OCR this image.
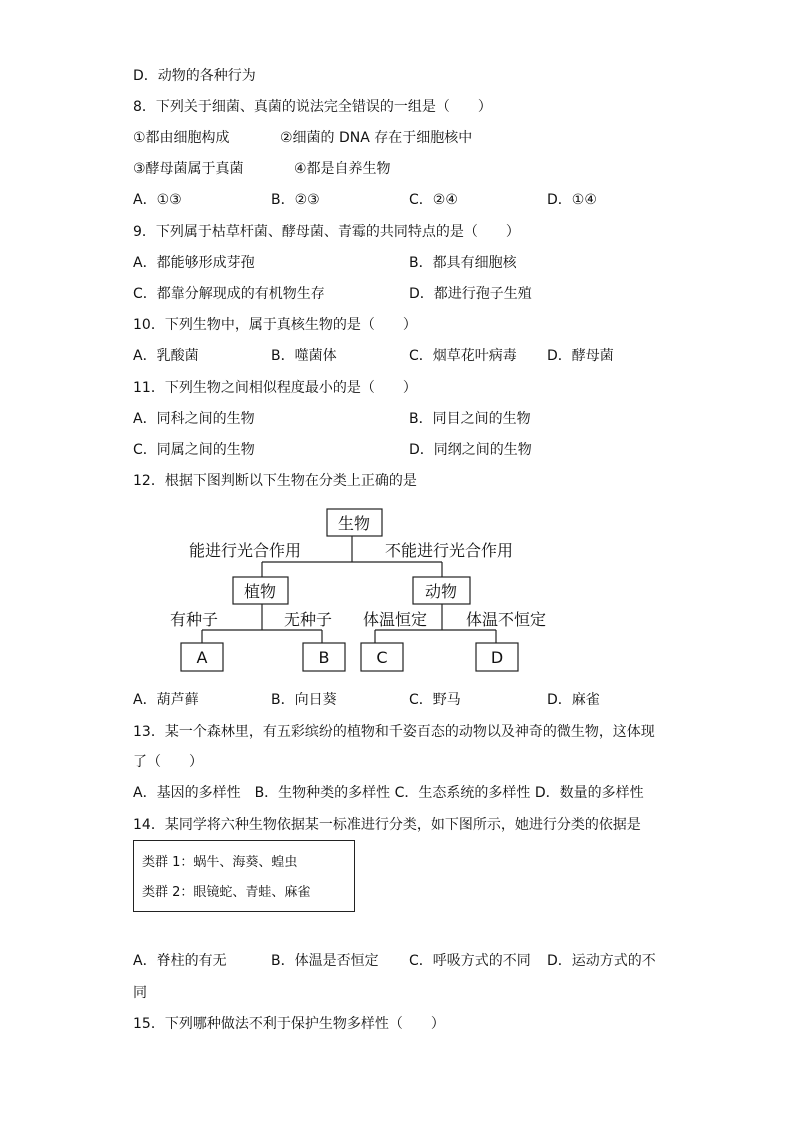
D．动物的各种行为
8．下列关于细菌、真菌的说法完全错误的一组是（　　）
①都由细胞构成	②细菌的 DNA 存在于细胞核中
③酵母菌属于真菌	④都是自养生物
A．①③	B．②③	C．②④	D．①④
9．下列属于枯草杆菌、酵母菌、青霉的共同特点的是（　　）
A．都能够形成芽孢	B．都具有细胞核
C．都靠分解现成的有机物生存	D．都进行孢子生殖
10．下列生物中，属于真核生物的是（　　）
A．乳酸菌	B．噬菌体	C．烟草花叶病毒 D．酵母菌
11．下列生物之间相似程度最小的是（　　）
A．同科之间的生物	B．同目之间的生物
C．同属之间的生物	D．同纲之间的生物
12．根据下图判断以下生物在分类上正确的是
生物
能进行光合作用	不能进行光合作用
植物	动物
有种子	无种子 体温恒定 体温不恒定
A	B	C	D
A．葫芦藓	B．向日葵	C．野马	D．麻雀
13．某一个森林里，有五彩缤纷的植物和千姿百态的动物以及神奇的微生物，这体现
了（　　）
A．基因的多样性　B．生物种类的多样性 C．生态系统的多样性 D．数量的多样性
14．某同学将六种生物依据某一标准进行分类，如下图所示，她进行分类的依据是
类群 1：蜗牛、海葵、蝗虫
类群 2：眼镜蛇、青蛙、麻雀
A．脊柱的有无	B．体温是否恒定 C．呼吸方式的不同 D．运动方式的不
同
15．下列哪种做法不利于保护生物多样性（　　）
